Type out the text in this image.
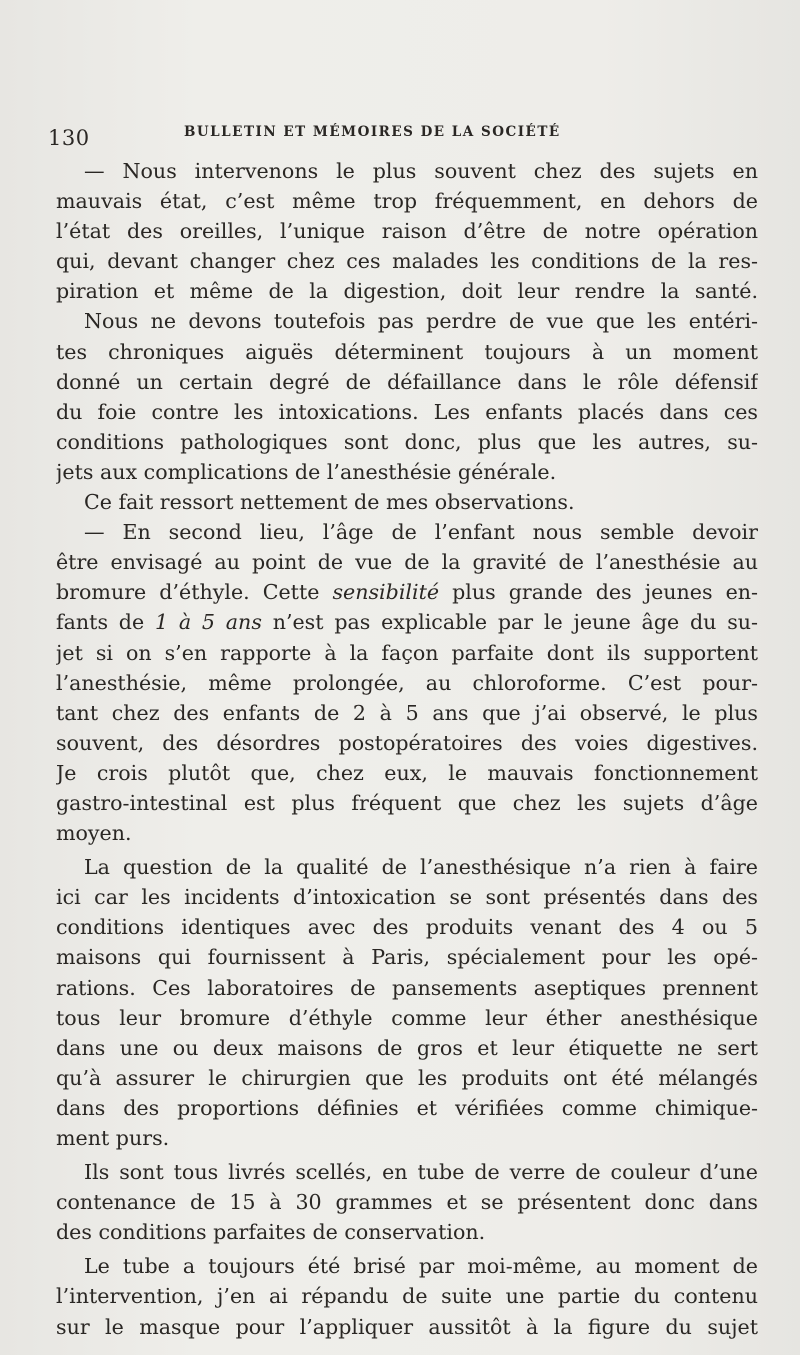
130	BULLETIN ET MÉMOIRES DE LA SOCIÉTÉ
— Nous intervenons le plus souvent chez des sujets en
mauvais état, c’est même trop fréquemment, en dehors de
l’état des oreilles, l’unique raison d’être de notre opération
qui, devant changer chez ces malades les conditions de la res-
piration et même de la digestion, doit leur rendre la santé.
Nous ne devons toutefois pas perdre de vue que les entéri-
tes chroniques aiguës déterminent toujours à un moment
donné un certain degré de défaillance dans le rôle défensif
du foie contre les intoxications. Les enfants placés dans ces
conditions pathologiques sont donc, plus que les autres, su-
jets aux complications de l’anesthésie générale.
Ce fait ressort nettement de mes observations.
— En second lieu, l’âge de l’enfant nous semble devoir
être envisagé au point de vue de la gravité de l’anesthésie au
bromure d’éthyle. Cette sensibilité plus grande des jeunes en-
fants de 1 à 5 ans n’est pas explicable par le jeune âge du su-
jet si on s’en rapporte à la façon parfaite dont ils supportent
l’anesthésie, même prolongée, au chloroforme. C’est pour-
tant chez des enfants de 2 à 5 ans que j’ai observé, le plus
souvent, des désordres postopératoires des voies digestives.
Je crois plutôt que, chez eux, le mauvais fonctionnement
gastro-intestinal est plus fréquent que chez les sujets d’âge
moyen.
La question de la qualité de l’anesthésique n’a rien à faire
ici car les incidents d’intoxication se sont présentés dans des
conditions identiques avec des produits venant des 4 ou 5
maisons qui fournissent à Paris, spécialement pour les opé-
rations. Ces laboratoires de pansements aseptiques prennent
tous leur bromure d’éthyle comme leur éther anesthésique
dans une ou deux maisons de gros et leur étiquette ne sert
qu’à assurer le chirurgien que les produits ont été mélangés
dans des proportions définies et vérifiées comme chimique-
ment purs.
Ils sont tous livrés scellés, en tube de verre de couleur d’une
contenance de 15 à 30 grammes et se présentent donc dans
des conditions parfaites de conservation.
Le tube a toujours été brisé par moi-même, au moment de
l’intervention, j’en ai répandu de suite une partie du contenu
sur le masque pour l’appliquer aussitôt à la figure du sujet
